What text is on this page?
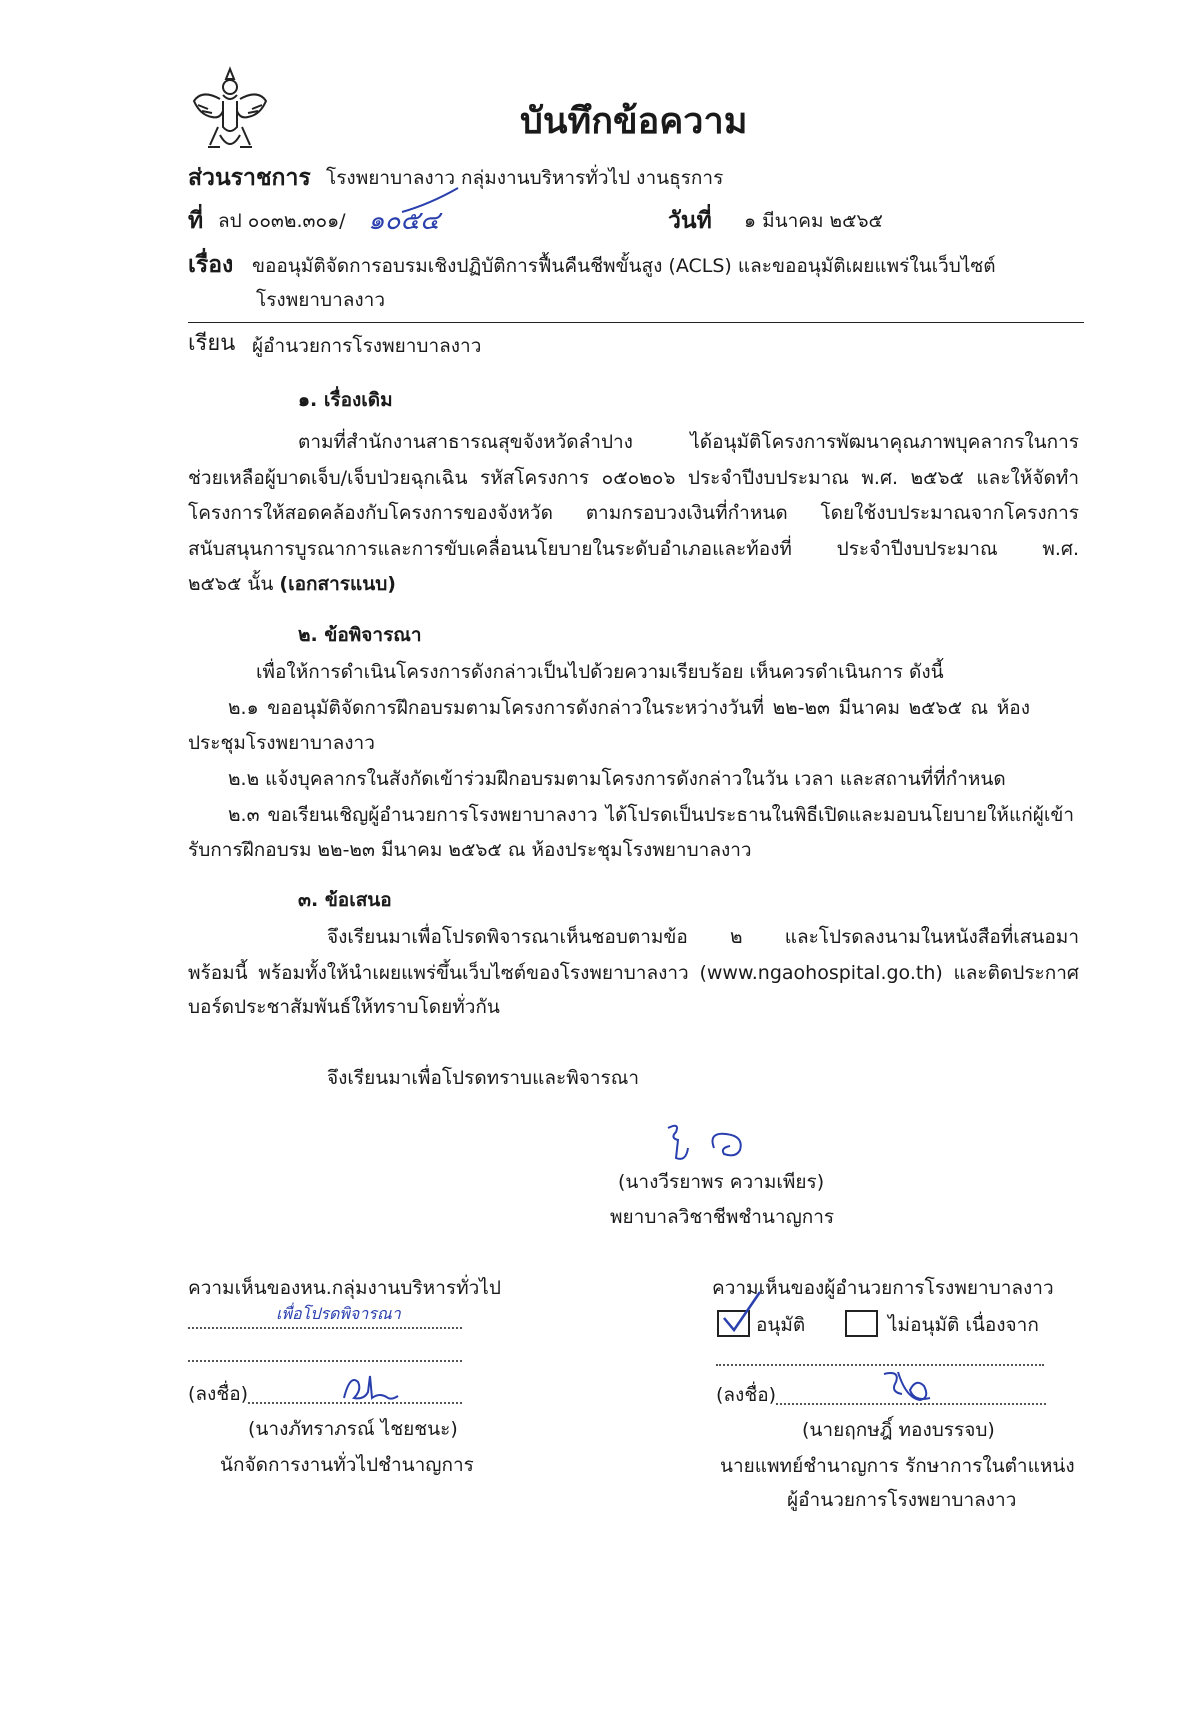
บันทึกข้อความ
ส่วนราชการ โรงพยาบาลงาว กลุ่มงานบริหารทั่วไป งานธุรการ
ที่ ลป ๐๐๓๒.๓๐๑/ ๑๐๕๔	วันที่ ๑ มีนาคม ๒๕๖๕
เรื่อง ขออนุมัติจัดการอบรมเชิงปฏิบัติการฟื้นคืนชีพขั้นสูง (ACLS) และขออนุมัติเผยแพร่ในเว็บไซต์
โรงพยาบาลงาว
เรียน ผู้อำนวยการโรงพยาบาลงาว
๑. เรื่องเดิม
ตามที่สำนักงานสาธารณสุขจังหวัดลำปาง ได้อนุมัติโครงการพัฒนาคุณภาพบุคลากรในการ
ช่วยเหลือผู้บาดเจ็บ/เจ็บป่วยฉุกเฉิน รหัสโครงการ ๐๕๐๒๐๖ ประจำปีงบประมาณ พ.ศ. ๒๕๖๕ และให้จัดทำ
โครงการให้สอดคล้องกับโครงการของจังหวัด ตามกรอบวงเงินที่กำหนด โดยใช้งบประมาณจากโครงการ
สนับสนุนการบูรณาการและการขับเคลื่อนนโยบายในระดับอำเภอและท้องที่ ประจำปีงบประมาณ พ.ศ.
๒๕๖๕ นั้น (เอกสารแนบ)
๒. ข้อพิจารณา
เพื่อให้การดำเนินโครงการดังกล่าวเป็นไปด้วยความเรียบร้อย เห็นควรดำเนินการ ดังนี้
๒.๑ ขออนุมัติจัดการฝึกอบรมตามโครงการดังกล่าวในระหว่างวันที่ ๒๒-๒๓ มีนาคม ๒๕๖๕ ณ ห้อง
ประชุมโรงพยาบาลงาว
๒.๒ แจ้งบุคลากรในสังกัดเข้าร่วมฝึกอบรมตามโครงการดังกล่าวในวัน เวลา และสถานที่ที่กำหนด
๒.๓ ขอเรียนเชิญผู้อำนวยการโรงพยาบาลงาว ได้โปรดเป็นประธานในพิธีเปิดและมอบนโยบายให้แก่ผู้เข้า
รับการฝึกอบรม ๒๒-๒๓ มีนาคม ๒๕๖๕ ณ ห้องประชุมโรงพยาบาลงาว
๓. ข้อเสนอ
จึงเรียนมาเพื่อโปรดพิจารณาเห็นชอบตามข้อ ๒ และโปรดลงนามในหนังสือที่เสนอมา
พร้อมนี้ พร้อมทั้งให้นำเผยแพร่ขึ้นเว็บไซต์ของโรงพยาบาลงาว (www.ngaohospital.go.th) และติดประกาศ
บอร์ดประชาสัมพันธ์ให้ทราบโดยทั่วกัน
จึงเรียนมาเพื่อโปรดทราบและพิจารณา
(นางวีรยาพร ความเพียร)
พยาบาลวิชาชีพชำนาญการ
ความเห็นของหน.กลุ่มงานบริหารทั่วไป
เพื่อโปรดพิจารณา
(ลงชื่อ)
(นางภัทราภรณ์ ไชยชนะ)
นักจัดการงานทั่วไปชำนาญการ
ความเห็นของผู้อำนวยการโรงพยาบาลงาว
อนุมัติ	ไม่อนุมัติ เนื่องจาก
(ลงชื่อ)
(นายฤกษฎิ์ ทองบรรจบ)
นายแพทย์ชำนาญการ รักษาการในตำแหน่ง
ผู้อำนวยการโรงพยาบาลงาว
